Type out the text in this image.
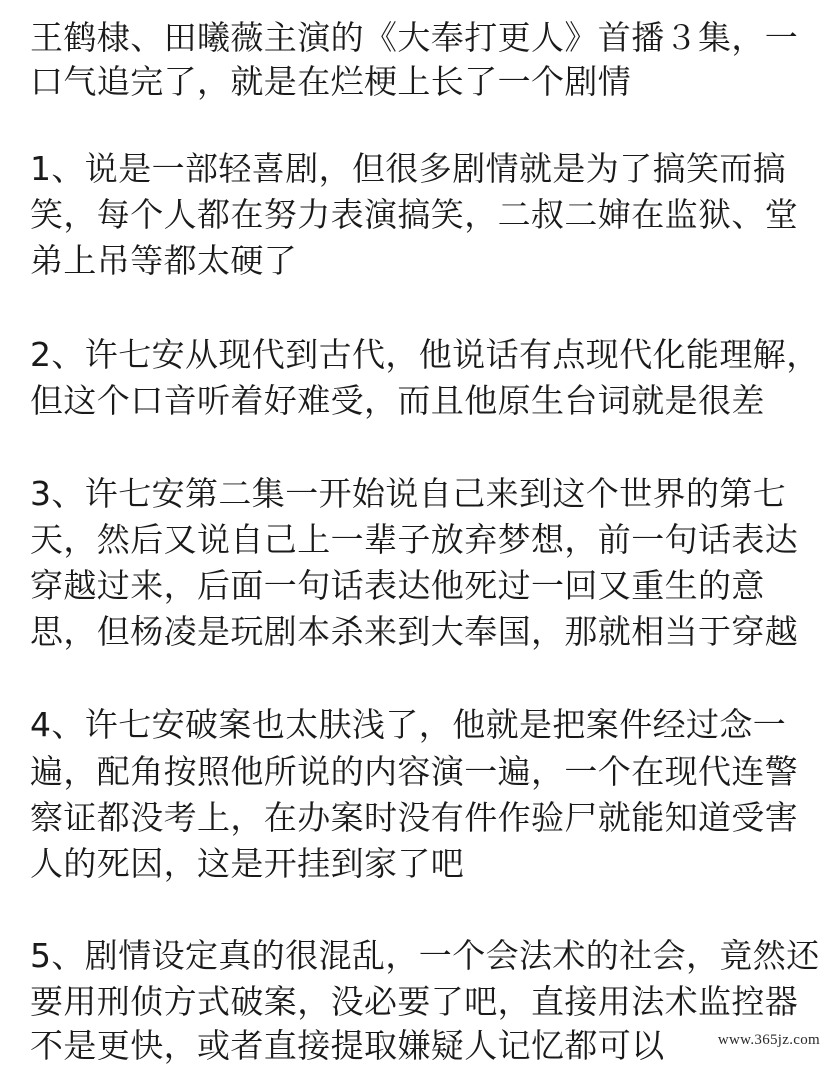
王鹤棣、田曦薇主演的《大奉打更人》首播３集，一
口气追完了，就是在烂梗上长了一个剧情
1、说是一部轻喜剧，但很多剧情就是为了搞笑而搞
笑，每个人都在努力表演搞笑，二叔二婶在监狱、堂
弟上吊等都太硬了
2、许七安从现代到古代，他说话有点现代化能理解，
但这个口音听着好难受，而且他原生台词就是很差
3、许七安第二集一开始说自己来到这个世界的第七
天，然后又说自己上一辈子放弃梦想，前一句话表达
穿越过来，后面一句话表达他死过一回又重生的意
思，但杨凌是玩剧本杀来到大奉国，那就相当于穿越
4、许七安破案也太肤浅了，他就是把案件经过念一
遍，配角按照他所说的内容演一遍，一个在现代连警
察证都没考上，在办案时没有件作验尸就能知道受害
人的死因，这是开挂到家了吧
5、剧情设定真的很混乱，一个会法术的社会，竟然还
要用刑侦方式破案，没必要了吧，直接用法术监控器
不是更快，或者直接提取嫌疑人记忆都可以	www.365jz.com
